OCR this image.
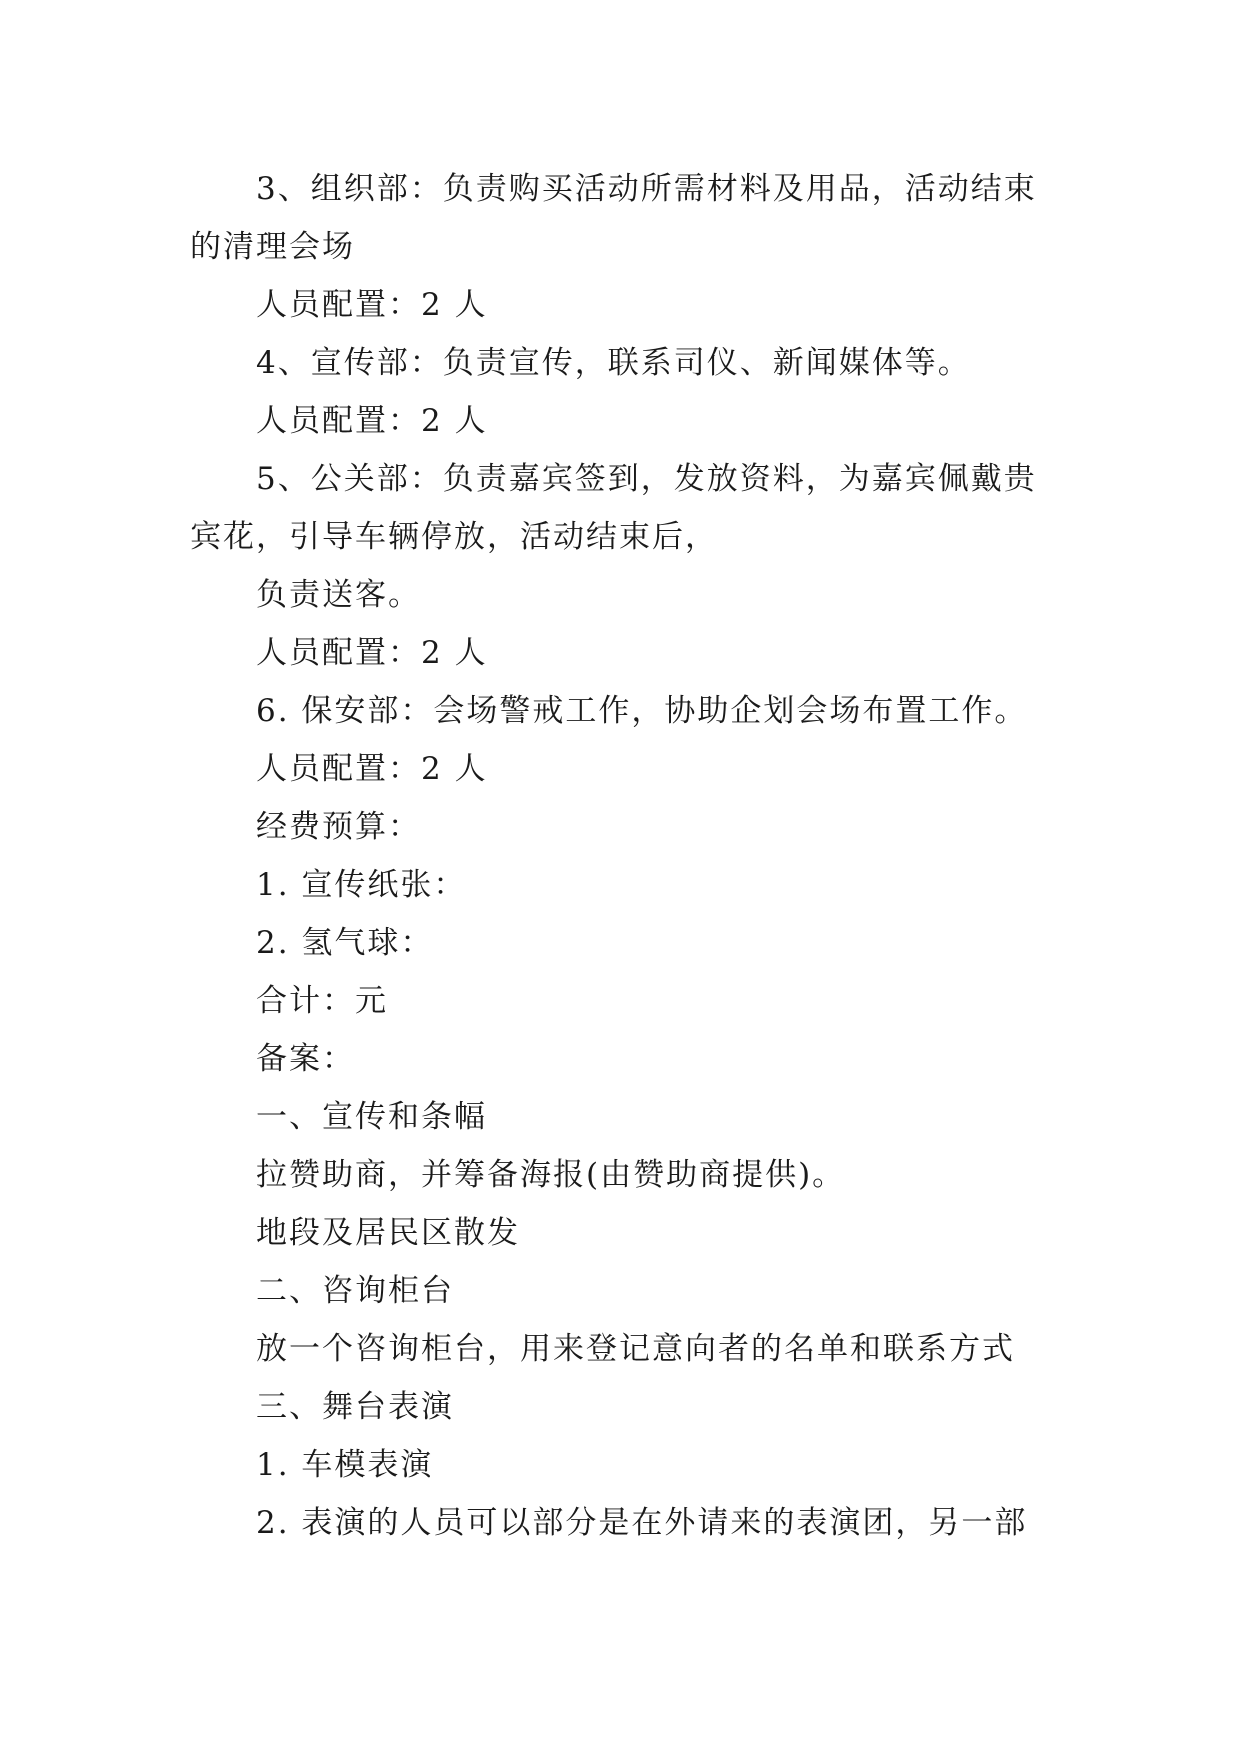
3、组织部：负责购买活动所需材料及用品，活动结束
的清理会场
人员配置：2 人
4、宣传部：负责宣传，联系司仪、新闻媒体等。
人员配置：2 人
5、公关部：负责嘉宾签到，发放资料，为嘉宾佩戴贵
宾花，引导车辆停放，活动结束后，
负责送客。
人员配置：2 人
6. 保安部：会场警戒工作，协助企划会场布置工作。
人员配置：2 人
经费预算：
1. 宣传纸张：
2. 氢气球：
合计：元
备案：
一、宣传和条幅
拉赞助商，并筹备海报(由赞助商提供)。
地段及居民区散发
二、咨询柜台
放一个咨询柜台，用来登记意向者的名单和联系方式
三、舞台表演
1. 车模表演
2. 表演的人员可以部分是在外请来的表演团，另一部
